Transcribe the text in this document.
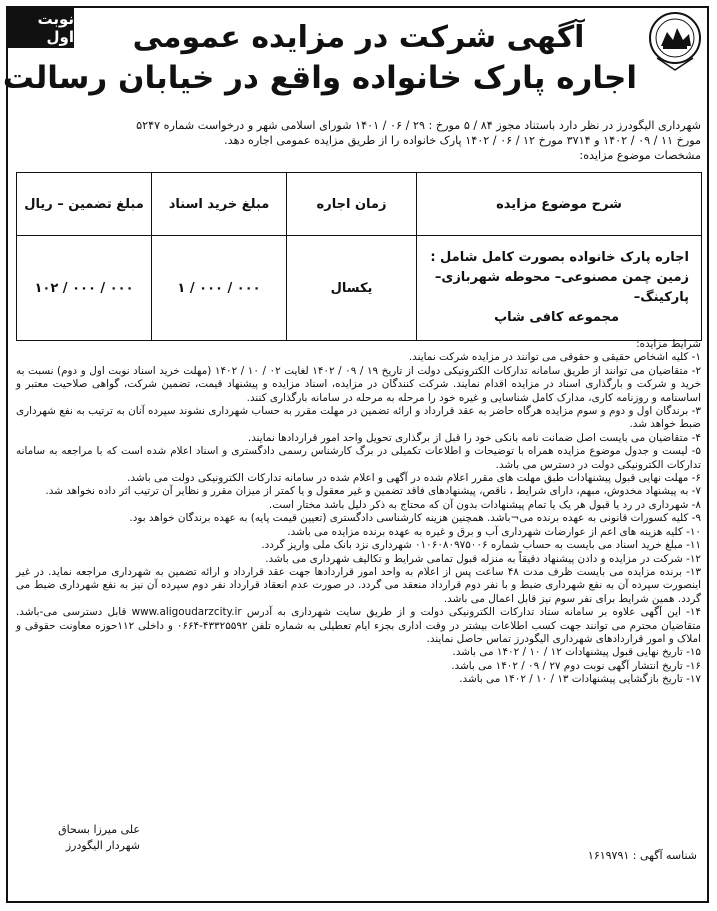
نوبت اول	آگهی شرکت در مزایده عمومی
اجاره پارک خانواده واقع در خیابان رسالت

شهرداری الیگودرز در نظر دارد باستناد مجوز ۸۴ / ۵ مورخ : ۲۹ / ۰۶ / ۱۴۰۱ شورای اسلامی شهر و درخواست شماره ۵۲۴۷

مورخ ۱۱ / ۰۹ / ۱۴۰۲ و ۳۷۱۴ مورخ ۱۲ / ۰۶ / ۱۴۰۲ پارک خانواده را از طریق مزایده عمومی اجاره دهد.

مشخصات موضوع مزایده:

شرح موضوع مزایده	زمان اجاره	مبلغ خرید اسناد	مبلغ تضمین – ریال

اجاره پارک خانواده بصورت کامل شامل :
زمین چمن مصنوعی– محوطه شهربازی– پارکینگ–
مجموعه کافی شاپ	یکسال	۰۰۰ / ۰۰۰ / ۱	۰۰۰ / ۰۰۰ / ۱۰۲

شرایط مزایده:

۱- کلیه اشخاص حقیقی و حقوقی می توانند در مزایده شرکت نمایند.

۲- متقاضیان می توانند از طریق سامانه تدارکات الکترونیکی دولت از تاریخ ۱۹ / ۰۹ / ۱۴۰۲ لغایت ۰۲ / ۱۰ / ۱۴۰۲ (مهلت خرید اسناد نوبت اول و دوم) نسبت به خرید و شرکت و بارگذاری اسناد در مزایده اقدام نمایند. شرکت کنندگان در مزایده، اسناد مزایده و پیشنهاد قیمت، تضمین شرکت، گواهی صلاحیت معتبر و اساسنامه و روزنامه کاری، مدارک کامل شناسایی و غیره خود را مرحله به مرحله در سامانه بارگذاری کنند.

۳- برندگان اول و دوم و سوم مزایده هرگاه حاضر به عقد قرارداد و ارائه تضمین در مهلت مقرر به حساب شهرداری نشوند سپرده آنان به ترتیب به نفع شهرداری ضبط خواهد شد.

۴- متقاضیان می بایست اصل ضمانت نامه بانکی خود را قبل از برگذاری تحویل واحد امور قراردادها نمایند.

۵- لیست و جدول موضوع مزایده همراه با توضیحات و اطلاعات تکمیلی در برگ کارشناس رسمی دادگستری و اسناد اعلام شده است که با مراجعه به سامانه تدارکات الکترونیکی دولت در دسترس می باشد.

۶- مهلت نهایی قبول پیشنهادات طبق مهلت های مقرر اعلام شده در آگهی و اعلام شده در سامانه تدارکات الکترونیکی دولت می باشد.

۷- به پیشنهاد مخدوش، مبهم، دارای شرایط ، ناقص، پیشنهادهای فاقد تضمین و غیر معقول و یا کمتر از میزان مقرر و نظایر آن ترتیب اثر داده نخواهد شد.

۸- شهرداری در رد یا قبول هر یک یا تمام پیشنهادات بدون آن که محتاج به ذکر دلیل باشد مختار است.

۹- کلیه کسورات قانونی به عهده برنده می¬باشد. همچنین هزینه کارشناسی دادگستری (تعیین قیمت پایه) به عهده برندگان خواهد بود.

۱۰- کلیه هزینه های اعم از عوارضات شهرداری آب و برق و غیره به عهده برنده مزایده می باشد.

۱۱- مبلغ خرید اسناد می بایست به حساب شماره ۰۱۰۶۰۸۰۹۷۵۰۰۶ شهرداری نزد بانک ملی واریز گردد.

۱۲- شرکت در مزایده و دادن پیشنهاد دقیقاً به منزله قبول تمامی شرایط و تکالیف شهرداری می باشد.

۱۳- برنده مزایده می بایست ظرف مدت ۴۸ ساعت پس از اعلام به واحد امور قراردادها جهت عقد قرارداد و ارائه تضمین به شهرداری مراجعه نماید. در غیر اینصورت سپرده آن به نفع شهرداری ضبط و با نفر دوم قرارداد منعقد می گردد. در صورت عدم انعقاد قرارداد نفر دوم سپرده آن نیز به نفع شهرداری ضبط می گردد. همین شرایط برای نفر سوم نیز قابل اعمال می باشد.

۱۴- این آگهی علاوه بر سامانه ستاد تدارکات الکترونیکی دولت و از طریق سایت شهرداری به آدرس www.aligoudarzcity.ir قابل دسترسی می-باشد. متقاضیان محترم می توانند جهت کسب اطلاعات بیشتر در وقت اداری بجزء ایام تعطیلی به شماره تلفن ۴۳۳۲۵۵۹۲-۰۶۶۴ و داخلی ۱۱۲حوزه معاونت حقوقی و املاک و امور قراردادهای شهرداری الیگودرز تماس حاصل نمایند.

۱۵- تاریخ نهایی قبول پیشنهادات ۱۲ / ۱۰ / ۱۴۰۲ می باشد.

۱۶- تاریخ انتشار آگهی نوبت دوم ۲۷ / ۰۹ / ۱۴۰۲ می باشد.

۱۷- تاریخ بازگشایی پیشنهادات ۱۳ / ۱۰ / ۱۴۰۲ می باشد.

علی میرزا بسحاق
شهردار الیگودرز
شناسه آگهی : ۱۶۱۹۷۹۱
